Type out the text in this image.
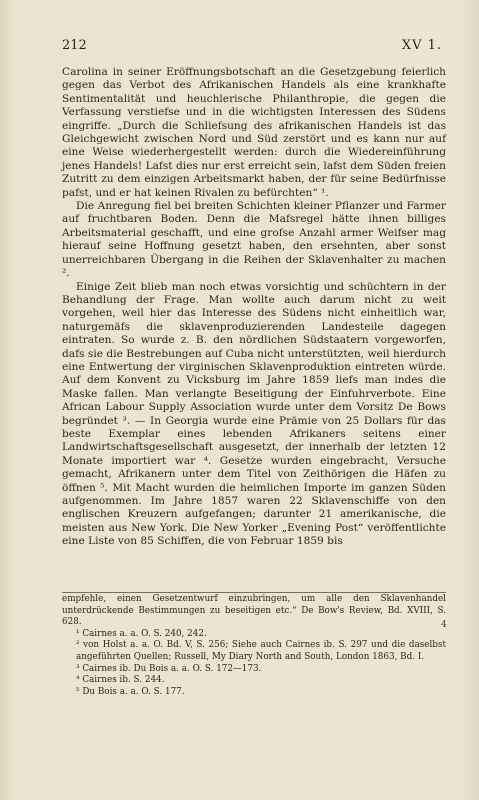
212	XV 1.

Carolina in seiner Eröffnungsbotschaft an die Gesetzgebung feierlich gegen das Verbot des Afrikanischen Handels als eine krankhafte Sentimentalität und heuchlerische Philanthropie, die gegen die Verfassung verstiefse und in die wichtigsten Interessen des Südens eingriffe. „Durch die Schliefsung des afrikanischen Handels ist das Gleichgewicht zwischen Nord und Süd zerstört und es kann nur auf eine Weise wiederhergestellt werden: durch die Wiedereinführung jenes Handels! Lafst dies nur erst erreicht sein, lafst dem Süden freien Zutritt zu dem einzigen Arbeitsmarkt haben, der für seine Bedürfnisse pafst, und er hat keinen Rivalen zu befürchten“ ¹.

Die Anregung fiel bei breiten Schichten kleiner Pflanzer und Farmer auf fruchtbaren Boden. Denn die Mafsregel hätte ihnen billiges Arbeitsmaterial geschafft, und eine grofse Anzahl armer Weifser mag hierauf seine Hoffnung gesetzt haben, den ersehnten, aber sonst unerreichbaren Übergang in die Reihen der Sklavenhalter zu machen ².

Einige Zeit blieb man noch etwas vorsichtig und schüchtern in der Behandlung der Frage. Man wollte auch darum nicht zu weit vorgehen, weil hier das Interesse des Südens nicht einheitlich war, naturgemäfs die sklavenproduzierenden Landesteile dagegen eintraten. So wurde z. B. den nördlichen Südstaatern vorgeworfen, dafs sie die Bestrebungen auf Cuba nicht unterstützten, weil hierdurch eine Entwertung der virginischen Sklavenproduktion eintreten würde. Auf dem Konvent zu Vicksburg im Jahre 1859 liefs man indes die Maske fallen. Man verlangte Beseitigung der Einfuhrverbote. Eine African Labour Supply Association wurde unter dem Vorsitz De Bows begründet ³. — In Georgia wurde eine Prämie von 25 Dollars für das beste Exemplar eines lebenden Afrikaners seitens einer Landwirtschaftsgesellschaft ausgesetzt, der innerhalb der letzten 12 Monate importiert war ⁴. Gesetze wurden eingebracht, Versuche gemacht, Afrikanern unter dem Titel von Zeithörigen die Häfen zu öffnen ⁵. Mit Macht wurden die heimlichen Importe im ganzen Süden aufgenommen. Im Jahre 1857 waren 22 Sklavenschiffe von den englischen Kreuzern aufgefangen; darunter 21 amerikanische, die meisten aus New York. Die New Yorker „Evening Post“ veröffentlichte eine Liste von 85 Schiffen, die von Februar 1859 bis

empfehle, einen Gesetzentwurf einzubringen, um alle den Sklavenhandel unterdrückende Bestimmungen zu beseitigen etc.“ De Bow's Review, Bd. XVIII, S. 628.

¹ Cairnes a. a. O. S. 240, 242.

² von Holst a. a. O. Bd. V, S. 256; Siehe auch Cairnes ib. S. 297 und die daselbst angeführten Quellen; Russell, My Diary North and South, London 1863, Bd. I.

³ Cairnes ib. Du Bois a. a. O. S. 172—173.

⁴ Cairnes ib. S. 244.

⁵ Du Bois a. a. O. S. 177.

4
